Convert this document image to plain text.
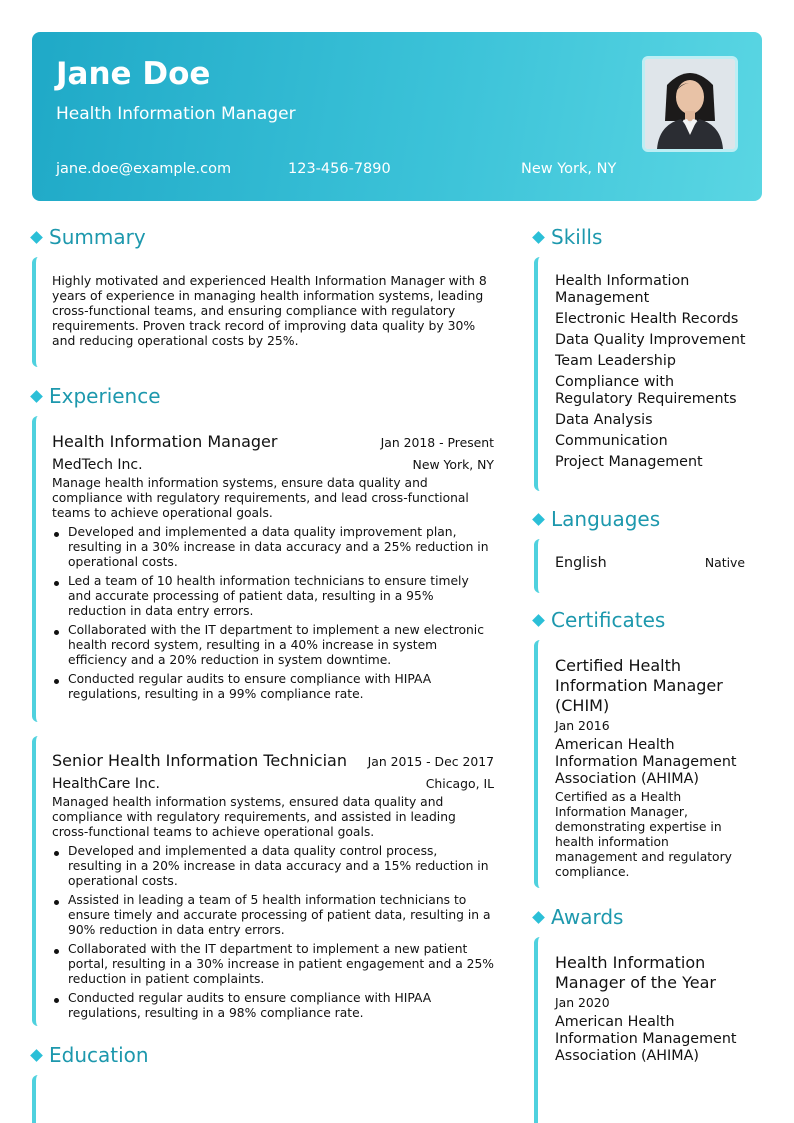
Jane Doe
Health Information Manager
jane.doe@example.com	123-456-7890	New York, NY
Summary
Highly motivated and experienced Health Information Manager with 8 years of experience in managing health information systems, leading cross-functional teams, and ensuring compliance with regulatory requirements. Proven track record of improving data quality by 30% and reducing operational costs by 25%.
Experience
Health Information Manager	Jan 2018 - Present
MedTech Inc.	New York, NY
Manage health information systems, ensure data quality and compliance with regulatory requirements, and lead cross-functional teams to achieve operational goals.
Developed and implemented a data quality improvement plan, resulting in a 30% increase in data accuracy and a 25% reduction in operational costs.
Led a team of 10 health information technicians to ensure timely and accurate processing of patient data, resulting in a 95% reduction in data entry errors.
Collaborated with the IT department to implement a new electronic health record system, resulting in a 40% increase in system efficiency and a 20% reduction in system downtime.
Conducted regular audits to ensure compliance with HIPAA regulations, resulting in a 99% compliance rate.
Senior Health Information Technician Jan 2015 - Dec 2017
HealthCare Inc.	Chicago, IL
Managed health information systems, ensured data quality and compliance with regulatory requirements, and assisted in leading cross-functional teams to achieve operational goals.
Developed and implemented a data quality control process, resulting in a 20% increase in data accuracy and a 15% reduction in operational costs.
Assisted in leading a team of 5 health information technicians to ensure timely and accurate processing of patient data, resulting in a 90% reduction in data entry errors.
Collaborated with the IT department to implement a new patient portal, resulting in a 30% increase in patient engagement and a 25% reduction in patient complaints.
Conducted regular audits to ensure compliance with HIPAA regulations, resulting in a 98% compliance rate.
Education
Skills
Health Information Management
Electronic Health Records
Data Quality Improvement
Team Leadership
Compliance with Regulatory Requirements
Data Analysis
Communication
Project Management
Languages
English	Native
Certificates
Certified Health Information Manager (CHIM)
Jan 2016
American Health Information Management Association (AHIMA)
Certified as a Health Information Manager, demonstrating expertise in health information management and regulatory compliance.
Awards
Health Information Manager of the Year
Jan 2020
American Health Information Management Association (AHIMA)
